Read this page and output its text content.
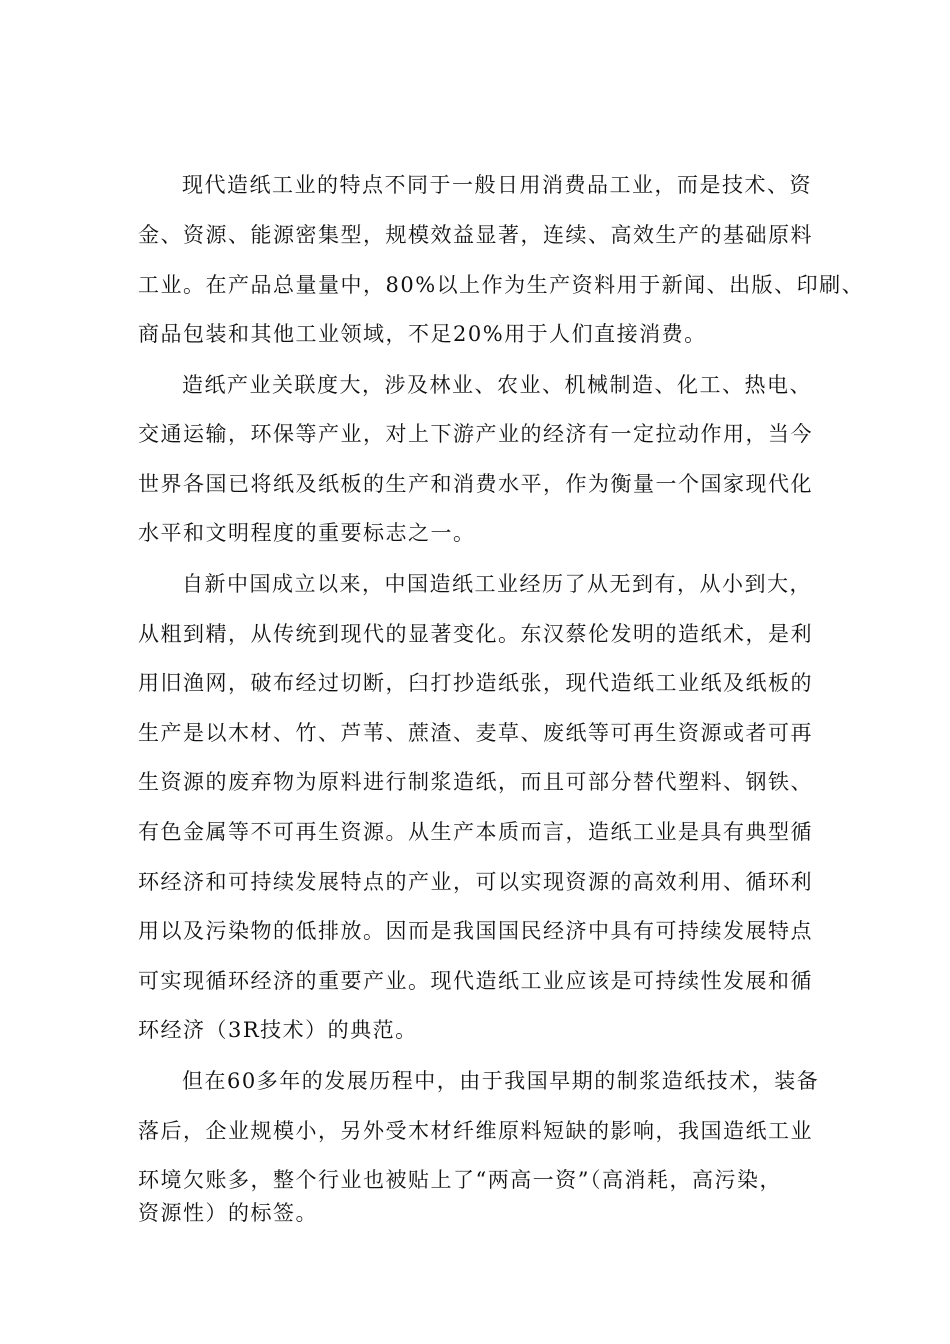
现代造纸工业的特点不同于一般日用消费品工业，而是技术、资
金、资源、能源密集型，规模效益显著，连续、高效生产的基础原料
工业。在产品总量量中，80%以上作为生产资料用于新闻、出版、印刷、
商品包装和其他工业领域，不足20%用于人们直接消费。
造纸产业关联度大，涉及林业、农业、机械制造、化工、热电、
交通运输，环保等产业，对上下游产业的经济有一定拉动作用，当今
世界各国已将纸及纸板的生产和消费水平，作为衡量一个国家现代化
水平和文明程度的重要标志之一。
自新中国成立以来，中国造纸工业经历了从无到有，从小到大，
从粗到精，从传统到现代的显著变化。东汉蔡伦发明的造纸术，是利
用旧渔网，破布经过切断，臼打抄造纸张，现代造纸工业纸及纸板的
生产是以木材、竹、芦苇、蔗渣、麦草、废纸等可再生资源或者可再
生资源的废弃物为原料进行制浆造纸，而且可部分替代塑料、钢铁、
有色金属等不可再生资源。从生产本质而言，造纸工业是具有典型循
环经济和可持续发展特点的产业，可以实现资源的高效利用、循环利
用以及污染物的低排放。因而是我国国民经济中具有可持续发展特点
可实现循环经济的重要产业。现代造纸工业应该是可持续性发展和循
环经济（3R技术）的典范。
但在60多年的发展历程中，由于我国早期的制浆造纸技术，装备
落后，企业规模小，另外受木材纤维原料短缺的影响，我国造纸工业
环境欠账多，整个行业也被贴上了“两高一资”（高消耗，高污染，
资源性）的标签。
